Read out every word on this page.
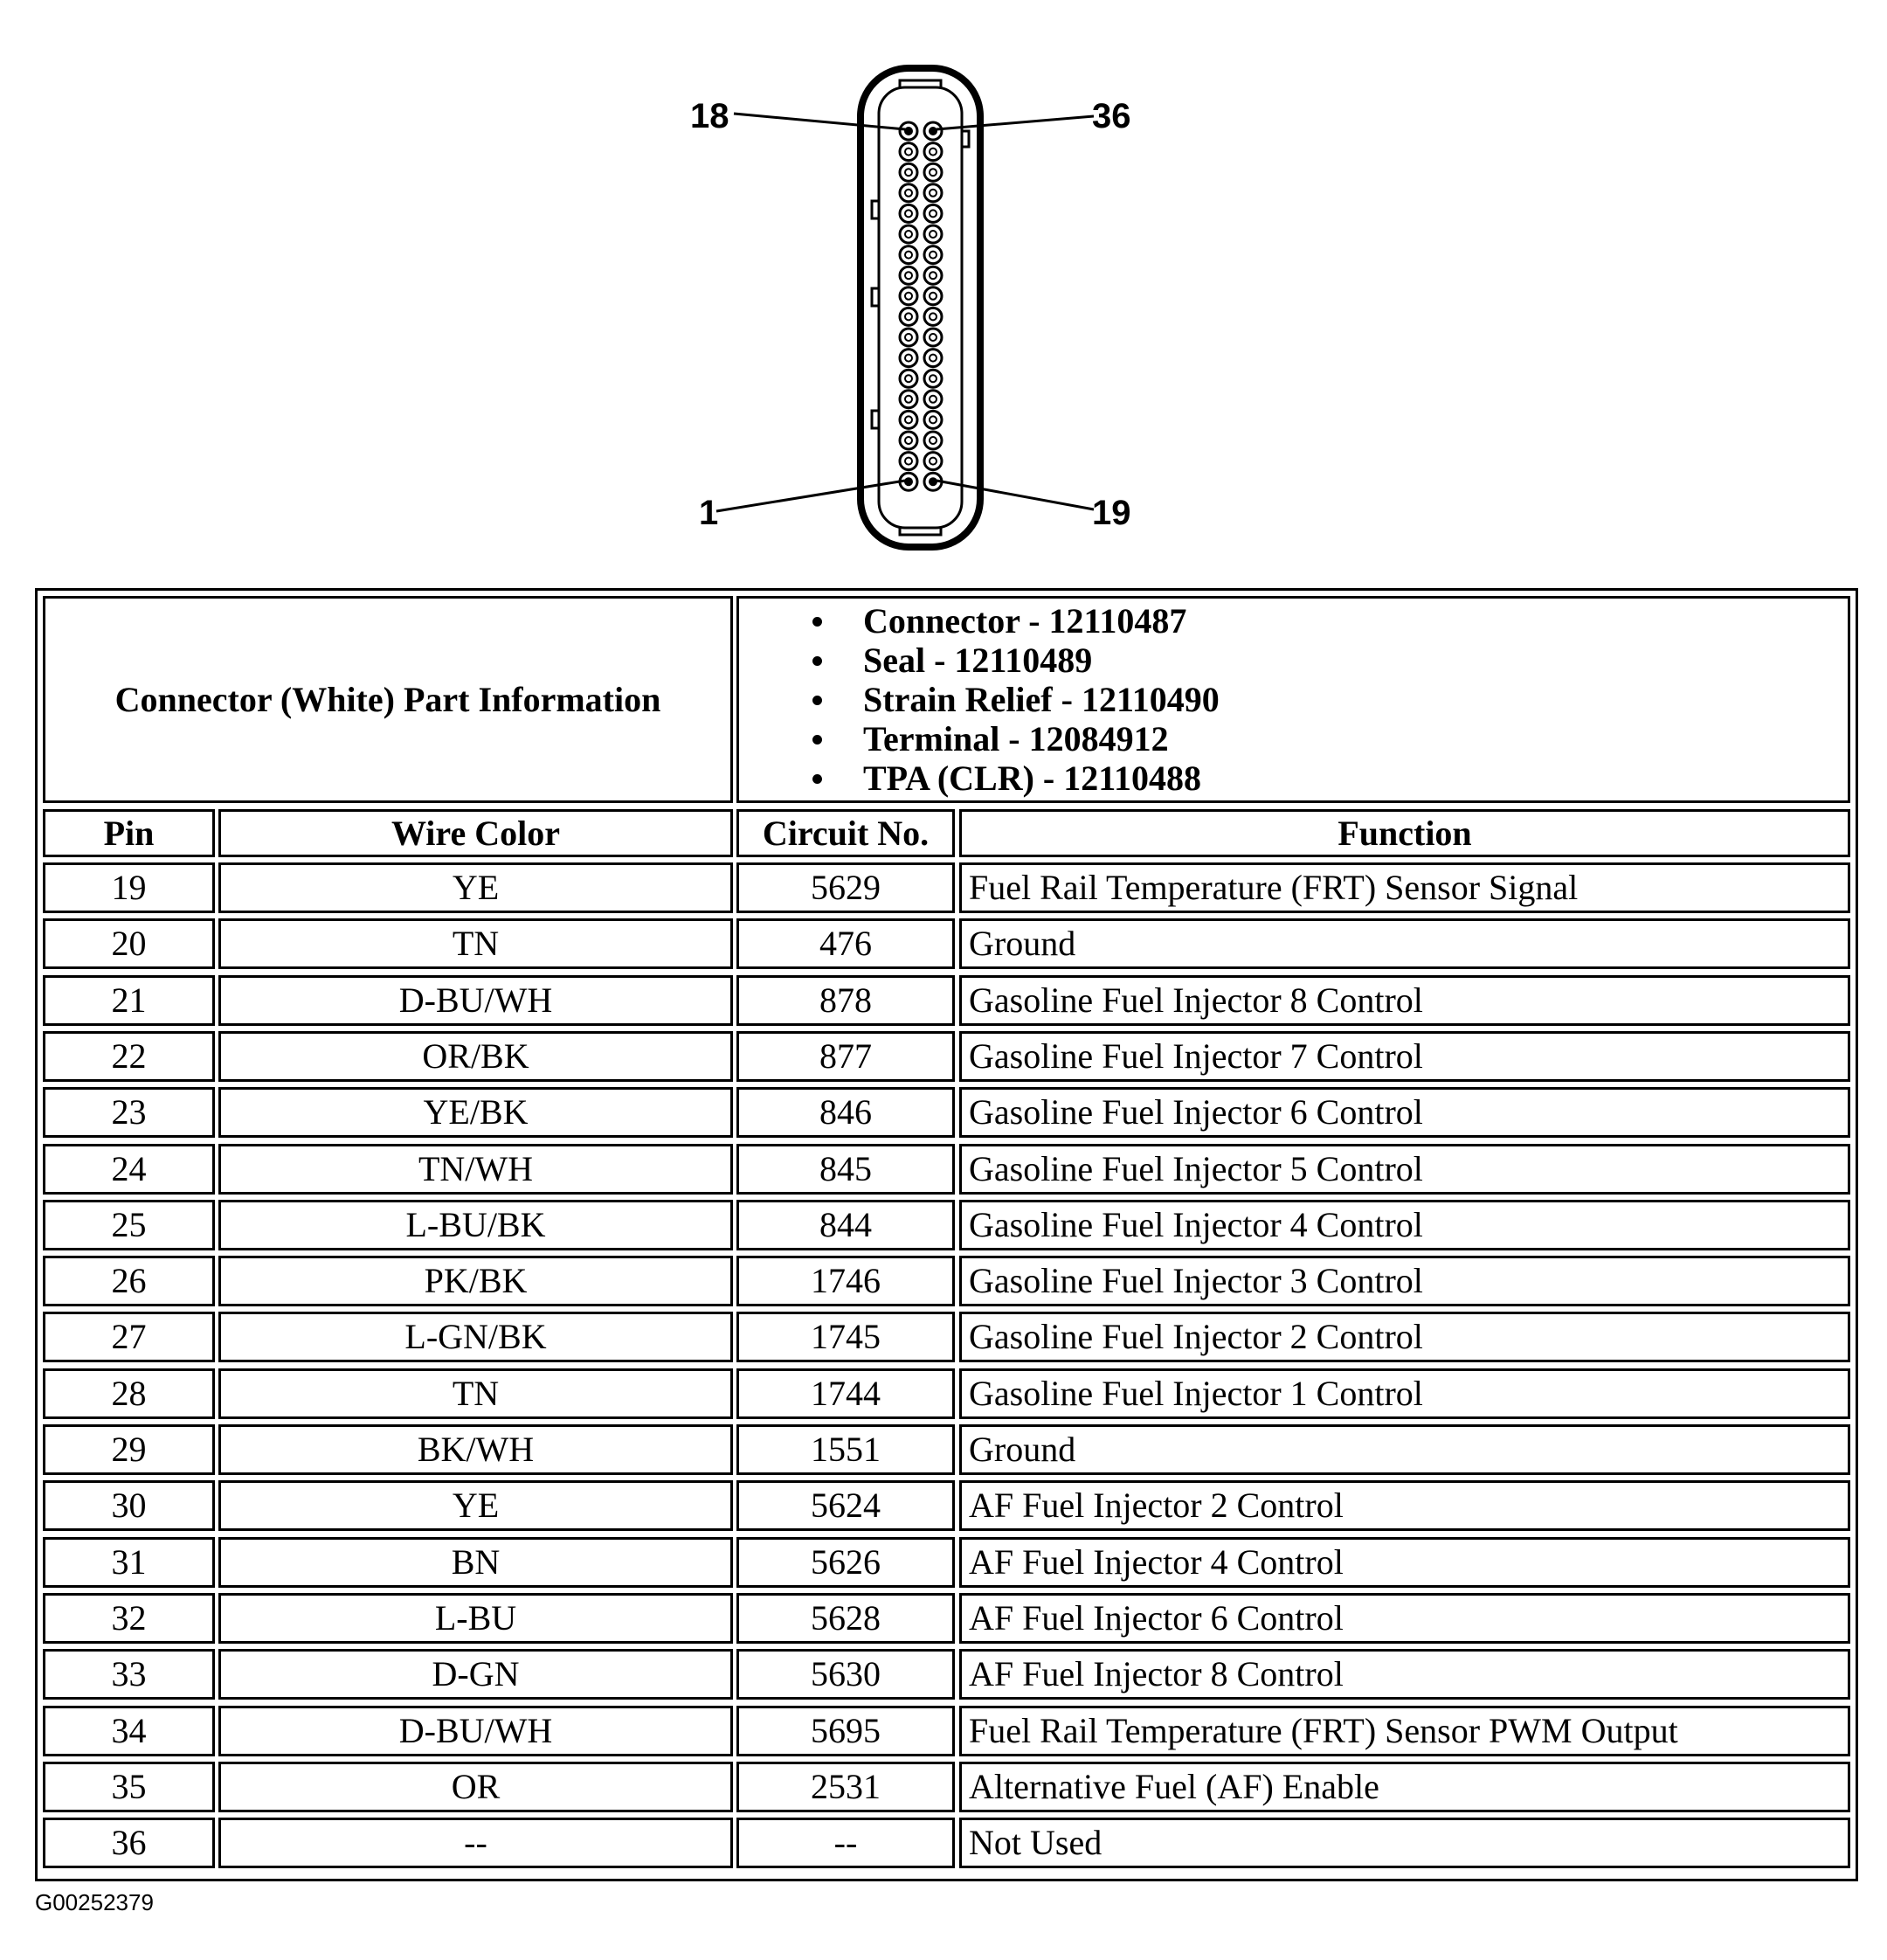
18	36
1	19
Connector (White) Part Information
Connector - 12110487
Seal - 12110489
Strain Relief - 12110490
Terminal - 12084912
TPA (CLR) - 12110488
Pin	Wire Color	Circuit No.	Function
19	YE	5629	Fuel Rail Temperature (FRT) Sensor Signal
20	TN	476	Ground
21	D-BU/WH	878	Gasoline Fuel Injector 8 Control
22	OR/BK	877	Gasoline Fuel Injector 7 Control
23	YE/BK	846	Gasoline Fuel Injector 6 Control
24	TN/WH	845	Gasoline Fuel Injector 5 Control
25	L-BU/BK	844	Gasoline Fuel Injector 4 Control
26	PK/BK	1746	Gasoline Fuel Injector 3 Control
27	L-GN/BK	1745	Gasoline Fuel Injector 2 Control
28	TN	1744	Gasoline Fuel Injector 1 Control
29	BK/WH	1551	Ground
30	YE	5624	AF Fuel Injector 2 Control
31	BN	5626	AF Fuel Injector 4 Control
32	L-BU	5628	AF Fuel Injector 6 Control
33	D-GN	5630	AF Fuel Injector 8 Control
34	D-BU/WH	5695	Fuel Rail Temperature (FRT) Sensor PWM Output
35	OR	2531	Alternative Fuel (AF) Enable
36	--	--	Not Used
G00252379
